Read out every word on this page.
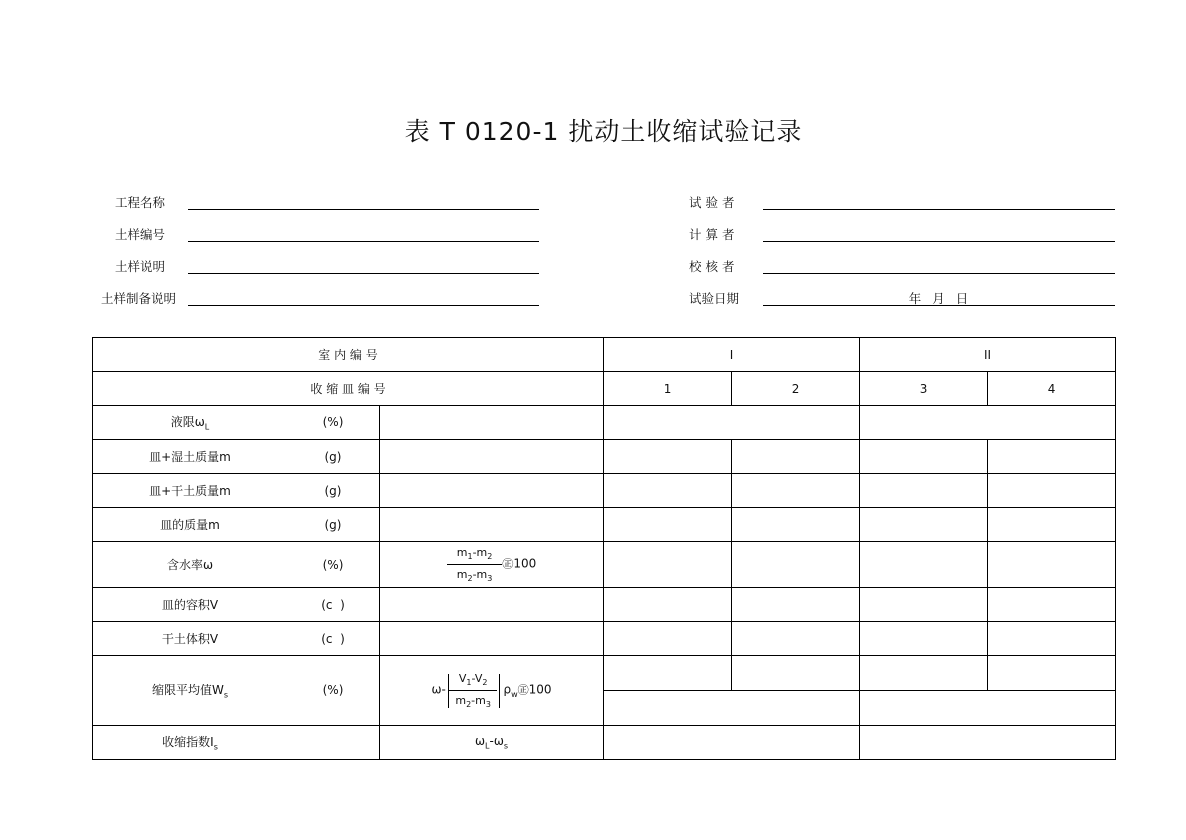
表 T 0120-1 扰动土收缩试验记录
工程名称
土样编号
土样说明
土样制备说明
试 验 者
计 算 者
校 核 者
试验日期	年  月  日
室 内 编 号		I		II	
收 缩 皿 编 号		1	2	3	4

液限$\omega_L$ (%)					

皿+湿土质量m (g)					

皿+干土质量m (g)					

皿的质量m (g)					

含水率ω (%)	$\frac{m_1-m_2}{m_2-m_3}$ ㊣100				

皿的容积V (c  )					

干土体积V (c  )					

缩限平均值$W_s$ (%)	$\omega- \frac{V_1-V_2}{m_2-m_3}$ $\rho_w㊣100$				

收缩指数$I_s$	$\omega_L-\omega_s$		
